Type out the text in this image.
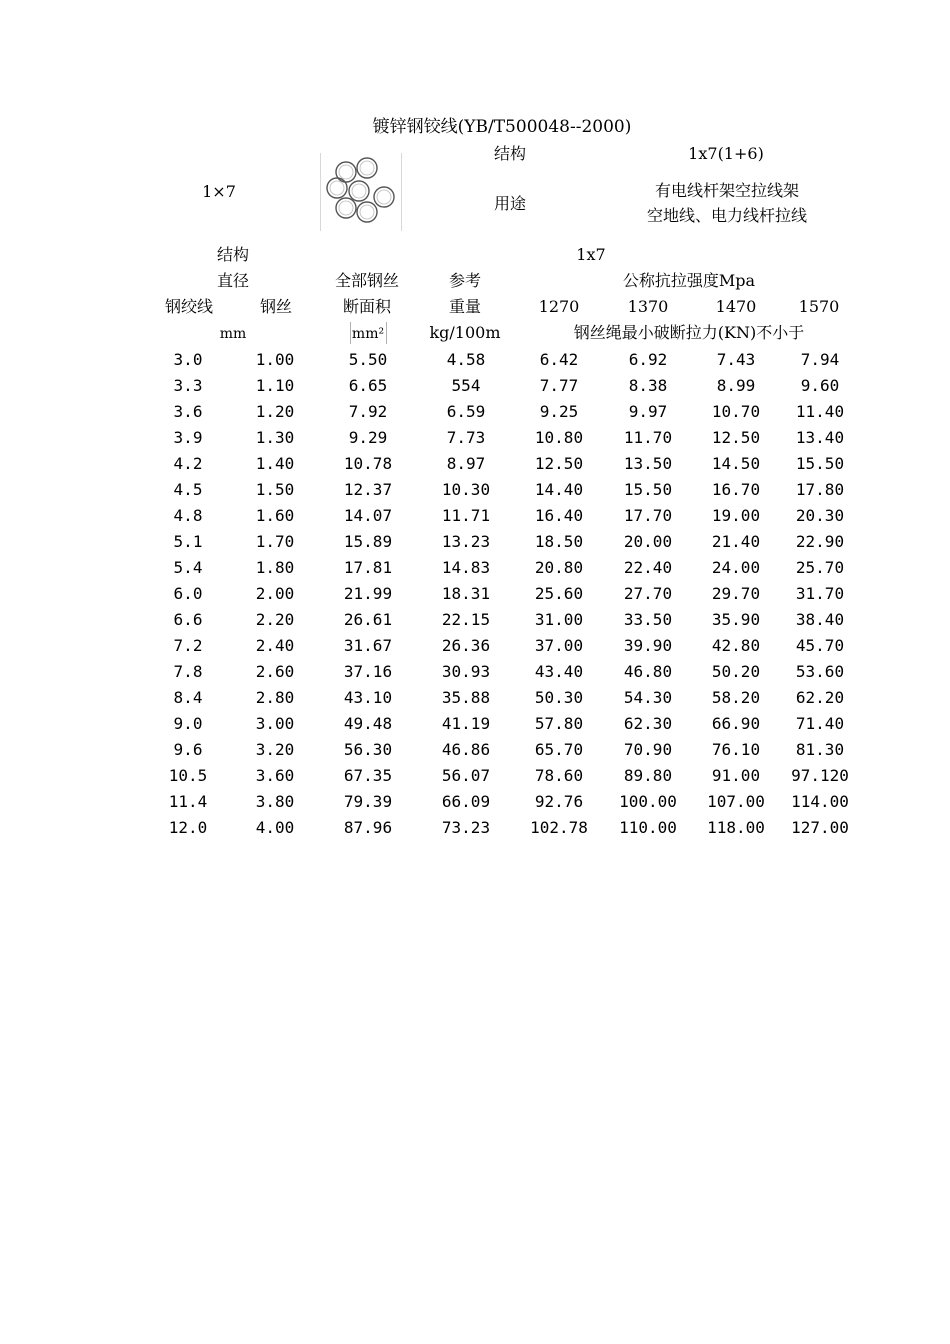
镀锌钢铰线(YB/T500048--2000)
1×7
结构	1x7(1+6)
用途
有电线杆架空拉线架
空地线、电力线杆拉线
结构	1x7
直径	全部钢丝	参考	公称抗拉强度Mpa
钢绞线	钢丝	断面积	重量	1270	1370	1470	1570
mm	mm²	kg/100m	钢丝绳最小破断拉力(KN)不小于
3.0	1.00	5.50	4.58	6.42	6.92	7.43	7.94
3.3	1.10	6.65	554	7.77	8.38	8.99	9.60
3.6	1.20	7.92	6.59	9.25	9.97	10.70	11.40
3.9	1.30	9.29	7.73	10.80	11.70	12.50	13.40
4.2	1.40	10.78	8.97	12.50	13.50	14.50	15.50
4.5	1.50	12.37	10.30	14.40	15.50	16.70	17.80
4.8	1.60	14.07	11.71	16.40	17.70	19.00	20.30
5.1	1.70	15.89	13.23	18.50	20.00	21.40	22.90
5.4	1.80	17.81	14.83	20.80	22.40	24.00	25.70
6.0	2.00	21.99	18.31	25.60	27.70	29.70	31.70
6.6	2.20	26.61	22.15	31.00	33.50	35.90	38.40
7.2	2.40	31.67	26.36	37.00	39.90	42.80	45.70
7.8	2.60	37.16	30.93	43.40	46.80	50.20	53.60
8.4	2.80	43.10	35.88	50.30	54.30	58.20	62.20
9.0	3.00	49.48	41.19	57.80	62.30	66.90	71.40
9.6	3.20	56.30	46.86	65.70	70.90	76.10	81.30
10.5	3.60	67.35	56.07	78.60	89.80	91.00	97.120
11.4	3.80	79.39	66.09	92.76	100.00	107.00	114.00
12.0	4.00	87.96	73.23	102.78	110.00	118.00	127.00
